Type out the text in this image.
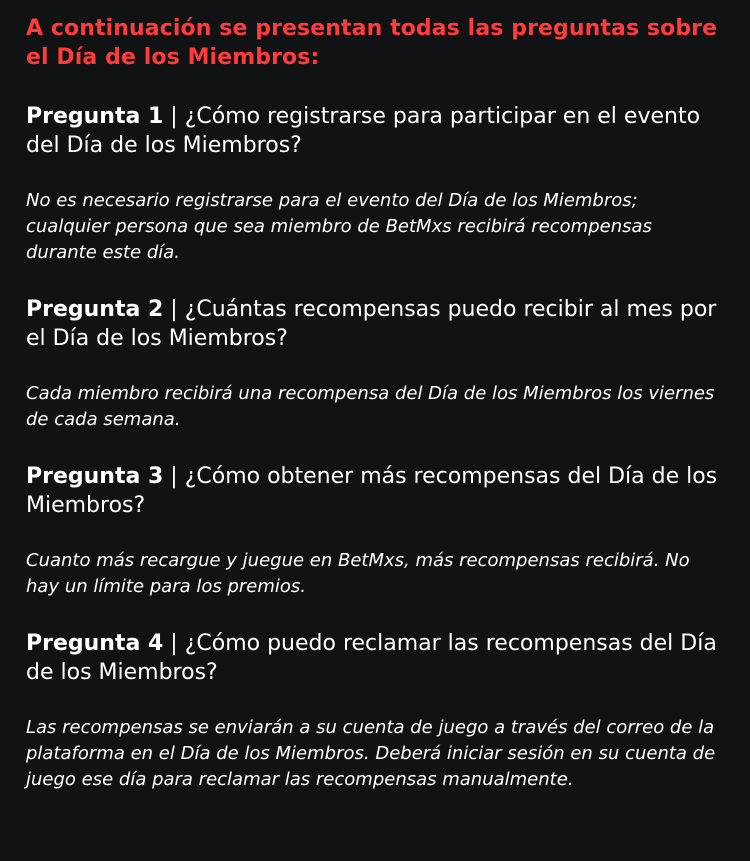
A continuación se presentan todas las preguntas sobre el Día de los Miembros:

Pregunta 1 | ¿Cómo registrarse para participar en el evento del Día de los Miembros?

No es necesario registrarse para el evento del Día de los Miembros; cualquier persona que sea miembro de BetMxs recibirá recompensas durante este día.

Pregunta 2 | ¿Cuántas recompensas puedo recibir al mes por el Día de los Miembros?

Cada miembro recibirá una recompensa del Día de los Miembros los viernes de cada semana.

Pregunta 3 | ¿Cómo obtener más recompensas del Día de los Miembros?

Cuanto más recargue y juegue en BetMxs, más recompensas recibirá. No hay un límite para los premios.

Pregunta 4 | ¿Cómo puedo reclamar las recompensas del Día de los Miembros?

Las recompensas se enviarán a su cuenta de juego a través del correo de la plataforma en el Día de los Miembros. Deberá iniciar sesión en su cuenta de juego ese día para reclamar las recompensas manualmente.
